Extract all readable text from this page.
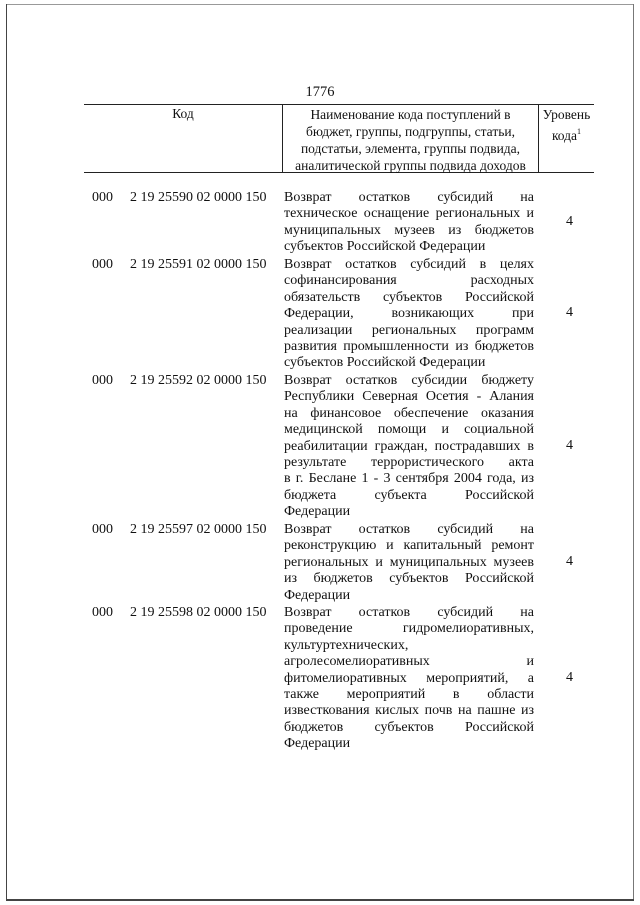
1776
Код	Наименование кода поступлений в
бюджет, группы, подгруппы, статьи,
подстатьи, элемента, группы подвида,
аналитической группы подвида доходов
Уровень
кода$^1$
000 2 19 25590 02 0000 150 Возврат остатков субсидий на
техническое оснащение региональных и
муниципальных музеев из бюджетов
субъектов Российской Федерации
4
000 2 19 25591 02 0000 150 Возврат остатков субсидий в целях
софинансирования расходных
обязательств субъектов Российской
Федерации, возникающих при
реализации региональных программ
развития промышленности из бюджетов
субъектов Российской Федерации
4
000 2 19 25592 02 0000 150 Возврат остатков субсидии бюджету
Республики Северная Осетия - Алания
на финансовое обеспечение оказания
медицинской помощи и социальной
реабилитации граждан, пострадавших в
результате террористического акта
в г. Беслане 1 - 3 сентября 2004 года, из
бюджета субъекта Российской
Федерации
4
000 2 19 25597 02 0000 150 Возврат остатков субсидий на
реконструкцию и капитальный ремонт
региональных и муниципальных музеев
из бюджетов субъектов Российской
Федерации
4
000 2 19 25598 02 0000 150 Возврат остатков субсидий на
проведение гидромелиоративных,
культуртехнических,
агролесомелиоративных и
фитомелиоративных мероприятий, а
также мероприятий в области
известкования кислых почв на пашне из
бюджетов субъектов Российской
Федерации
4
